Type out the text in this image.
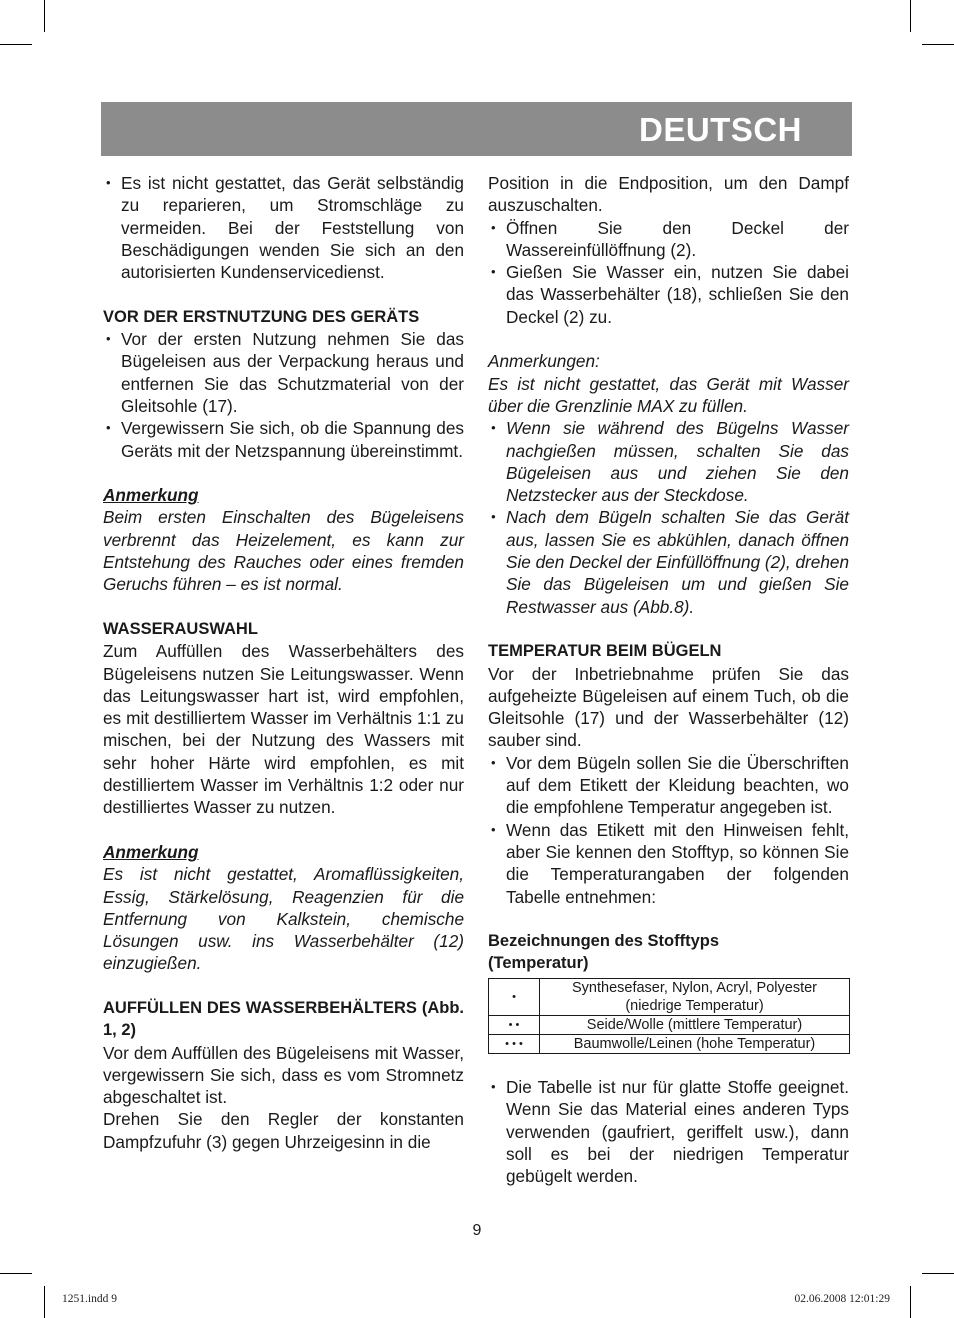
DEUTSCH
• Es ist nicht gestattet, das Gerät selbständig zu reparieren, um Stromschläge zu vermeiden. Bei der Feststellung von Beschädigungen wenden Sie sich an den autorisierten Kundenservicedienst.
VOR DER ERSTNUTZUNG DES GERÄTS
• Vor der ersten Nutzung nehmen Sie das Bügeleisen aus der Verpackung heraus und entfernen Sie das Schutzmaterial von der Gleitsohle (17).
• Vergewissern Sie sich, ob die Spannung des Geräts mit der Netzspannung übereinstimmt.
Anmerkung

Beim ersten Einschalten des Bügeleisens verbrennt das Heizelement, es kann zur Entstehung des Rauches oder eines fremden Geruchs führen – es ist normal.

WASSERAUSWAHL

Zum Auffüllen des Wasserbehälters des Bügeleisens nutzen Sie Leitungswasser. Wenn das Leitungswasser hart ist, wird empfohlen, es mit destilliertem Wasser im Verhältnis 1:1 zu mischen, bei der Nutzung des Wassers mit sehr hoher Härte wird empfohlen, es mit destilliertem Wasser im Verhältnis 1:2 oder nur destilliertes Wasser zu nutzen.

Anmerkung

Es ist nicht gestattet, Aromaflüssigkeiten, Essig, Stärkelösung, Reagenzien für die Entfernung von Kalkstein, chemische Lösungen usw. ins Wasserbehälter (12) einzugießen.

AUFFÜLLEN DES WASSERBEHÄLTERS (Abb. 1, 2)

Vor dem Auffüllen des Bügeleisens mit Wasser, vergewissern Sie sich, dass es vom Stromnetz abgeschaltet ist.

Drehen Sie den Regler der konstanten Dampfzufuhr (3) gegen Uhrzeigesinn in die

Position in die Endposition, um den Dampf auszuschalten.

• Öffnen Sie den Deckel der Wassereinfüllöffnung (2).
• Gießen Sie Wasser ein, nutzen Sie dabei das Wasserbehälter (18), schließen Sie den Deckel (2) zu.

Anmerkungen:

Es ist nicht gestattet, das Gerät mit Wasser über die Grenzlinie MAX zu füllen.

• Wenn sie während des Bügelns Wasser nachgießen müssen, schalten Sie das Bügeleisen aus und ziehen Sie den Netzstecker aus der Steckdose.
• Nach dem Bügeln schalten Sie das Gerät aus, lassen Sie es abkühlen, danach öffnen Sie den Deckel der Einfüllöffnung (2), drehen Sie das Bügeleisen um und gießen Sie Restwasser aus (Abb.8).
TEMPERATUR BEIM BÜGELN

Vor der Inbetriebnahme prüfen Sie das aufgeheizte Bügeleisen auf einem Tuch, ob die Gleitsohle (17) und der Wasserbehälter (12) sauber sind.

• Vor dem Bügeln sollen Sie die Überschriften auf dem Etikett der Kleidung beachten, wo die empfohlene Temperatur angegeben ist.
• Wenn das Etikett mit den Hinweisen fehlt, aber Sie kennen den Stofftyp, so können Sie die Temperaturangaben der folgenden Tabelle entnehmen:
Bezeichnungen des Stofftyps
(Temperatur)
•	Synthesefaser, Nylon, Acryl, Polyester (niedrige Temperatur)
• •	Seide/Wolle (mittlere Temperatur)
• • •	Baumwolle/Leinen (hohe Temperatur)
• Die Tabelle ist nur für glatte Stoffe geeignet. Wenn Sie das Material eines anderen Typs verwenden (gaufriert, geriffelt usw.), dann soll es bei der niedrigen Temperatur gebügelt werden.
9
1251.indd 9	02.06.2008 12:01:29
